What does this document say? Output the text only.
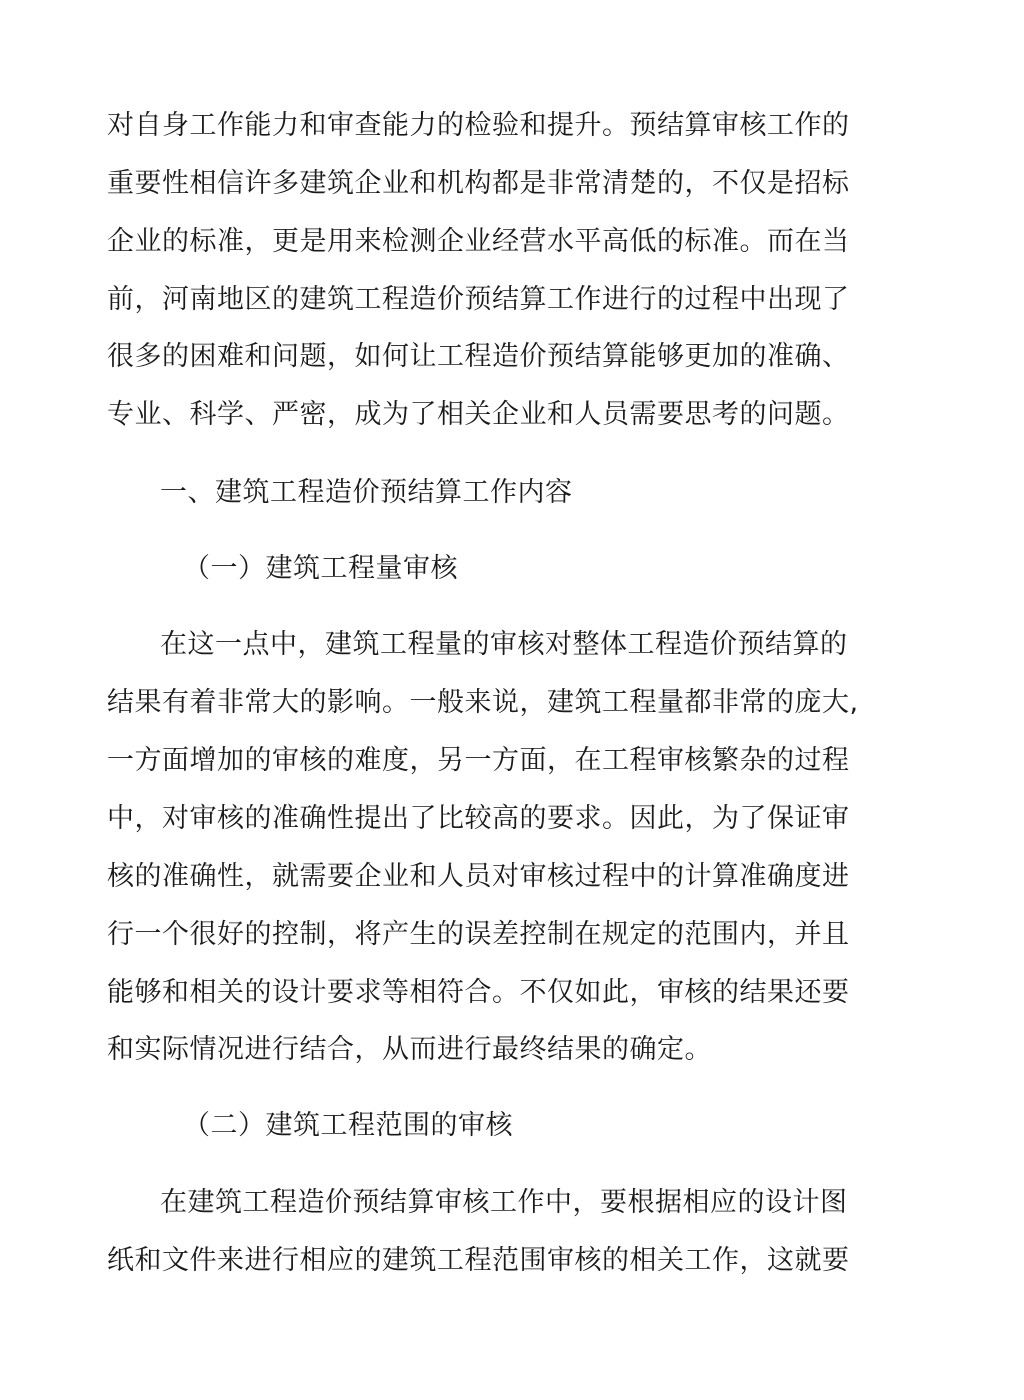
对自身工作能力和审查能力的检验和提升。预结算审核工作的
重要性相信许多建筑企业和机构都是非常清楚的，不仅是招标
企业的标准，更是用来检测企业经营水平高低的标准。而在当
前，河南地区的建筑工程造价预结算工作进行的过程中出现了
很多的困难和问题，如何让工程造价预结算能够更加的准确、
专业、科学、严密，成为了相关企业和人员需要思考的问题。
一、建筑工程造价预结算工作内容
（一）建筑工程量审核
在这一点中，建筑工程量的审核对整体工程造价预结算的
结果有着非常大的影响。一般来说，建筑工程量都非常的庞大,
一方面增加的审核的难度，另一方面，在工程审核繁杂的过程
中，对审核的准确性提出了比较高的要求。因此，为了保证审
核的准确性，就需要企业和人员对审核过程中的计算准确度进
行一个很好的控制，将产生的误差控制在规定的范围内，并且
能够和相关的设计要求等相符合。不仅如此，审核的结果还要
和实际情况进行结合，从而进行最终结果的确定。
（二）建筑工程范围的审核
在建筑工程造价预结算审核工作中，要根据相应的设计图
纸和文件来进行相应的建筑工程范围审核的相关工作，这就要
